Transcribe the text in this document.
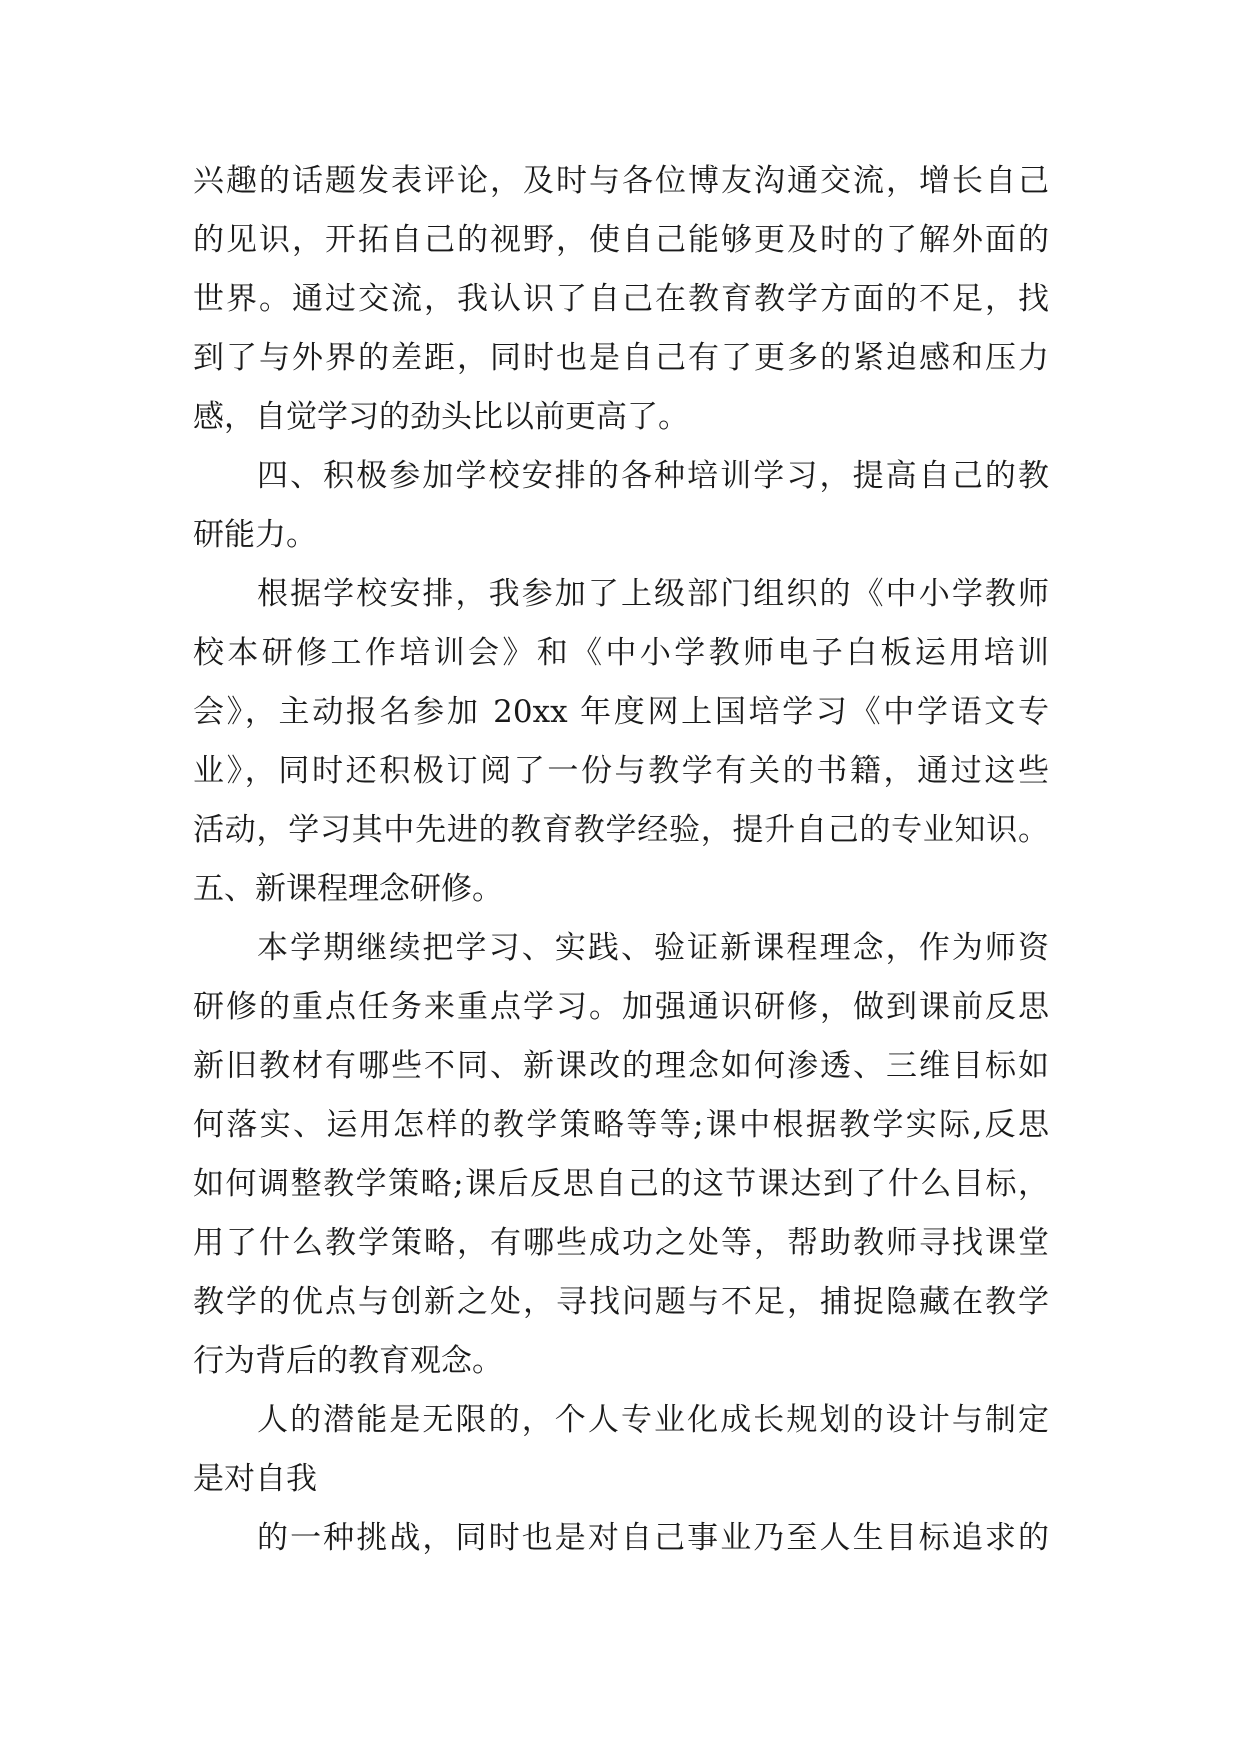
兴趣的话题发表评论，及时与各位博友沟通交流，增长自己
的见识，开拓自己的视野，使自己能够更及时的了解外面的
世界。通过交流，我认识了自己在教育教学方面的不足，找
到了与外界的差距，同时也是自己有了更多的紧迫感和压力
感，自觉学习的劲头比以前更高了。
四、积极参加学校安排的各种培训学习，提高自己的教
研能力。
根据学校安排，我参加了上级部门组织的《中小学教师
校本研修工作培训会》和《中小学教师电子白板运用培训
会》，主动报名参加 20xx 年度网上国培学习《中学语文专
业》，同时还积极订阅了一份与教学有关的书籍，通过这些
活动，学习其中先进的教育教学经验，提升自己的专业知识。
五、新课程理念研修。
本学期继续把学习、实践、验证新课程理念，作为师资
研修的重点任务来重点学习。加强通识研修，做到课前反思
新旧教材有哪些不同、新课改的理念如何渗透、三维目标如
何落实、运用怎样的教学策略等等;课中根据教学实际,反思
如何调整教学策略;课后反思自己的这节课达到了什么目标，
用了什么教学策略，有哪些成功之处等，帮助教师寻找课堂
教学的优点与创新之处，寻找问题与不足，捕捉隐藏在教学
行为背后的教育观念。
人的潜能是无限的，个人专业化成长规划的设计与制定
是对自我
的一种挑战，同时也是对自己事业乃至人生目标追求的
